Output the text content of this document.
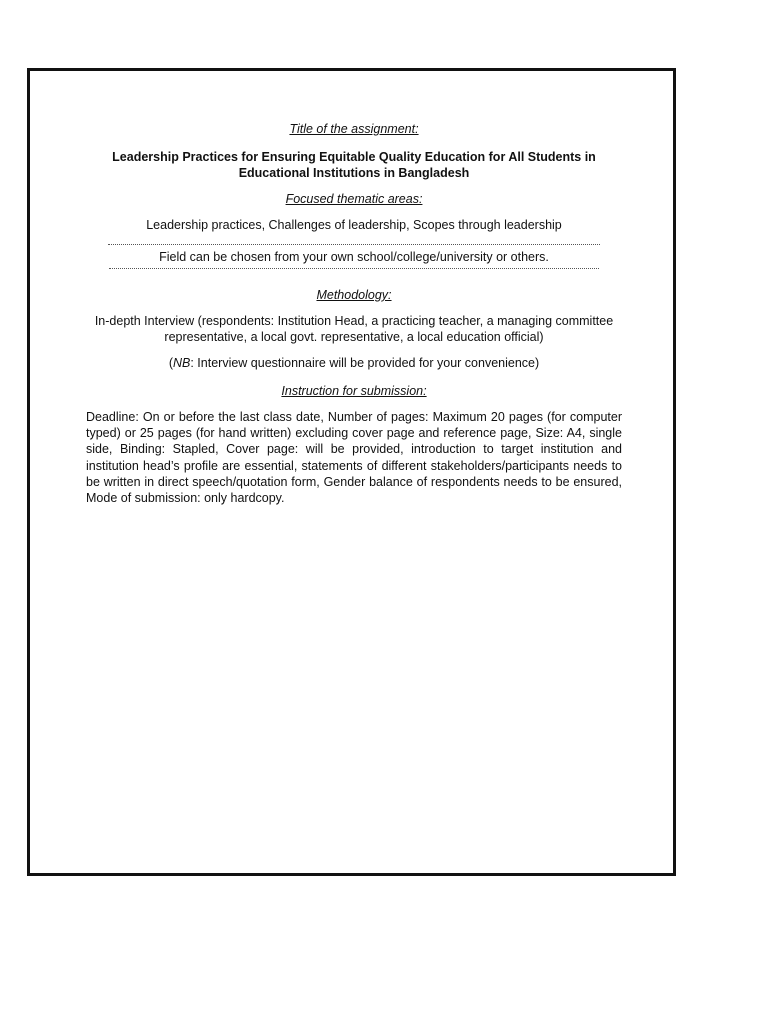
Title of the assignment:

Leadership Practices for Ensuring Equitable Quality Education for All Students in
Educational Institutions in Bangladesh

Focused thematic areas:

Leadership practices, Challenges of leadership, Scopes through leadership

Field can be chosen from your own school/college/university or others.

Methodology:

In-depth Interview (respondents: Institution Head, a practicing teacher, a managing committee
representative, a local govt. representative, a local education official)

(NB: Interview questionnaire will be provided for your convenience)

Instruction for submission:

Deadline: On or before the last class date, Number of pages: Maximum 20 pages (for computer typed) or 25 pages (for hand written) excluding cover page and reference page, Size: A4, single side, Binding: Stapled, Cover page: will be provided, introduction to target institution and institution head’s profile are essential, statements of different stakeholders/participants needs to be written in direct speech/quotation form, Gender balance of respondents needs to be ensured, Mode of submission: only hardcopy.
